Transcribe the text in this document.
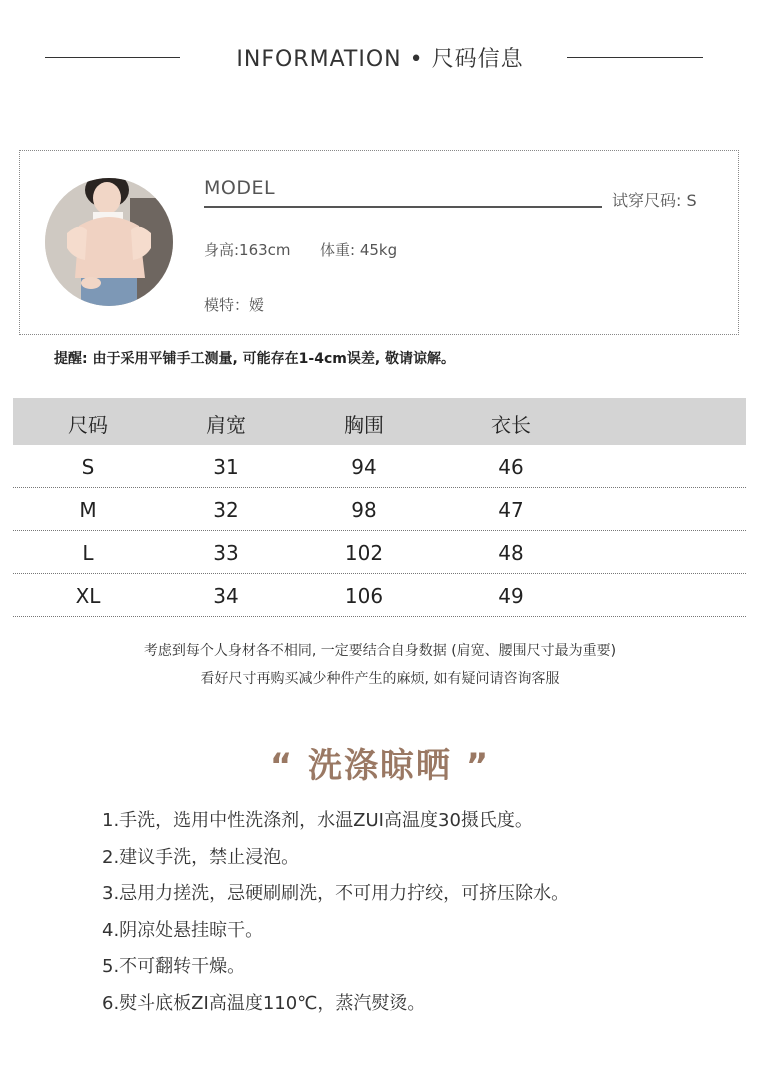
INFORMATION • 尺码信息
MODEL
试穿尺码: S
身高:163cm 体重: 45kg
模特：嫒
提醒: 由于采用平铺手工测量, 可能存在1-4cm误差, 敬请谅解。
尺码	肩宽	胸围	衣长
S	31	94	46
M	32	98	47
L	33	102	48
XL	34	106	49
考虑到每个人身材各不相同, 一定要结合自身数据 (肩宽、腰围尺寸最为重要)
看好尺寸再购买减少种件产生的麻烦, 如有疑问请咨询客服
“ 洗涤晾晒 ”
1.手洗，选用中性洗涤剂，水温ZUI高温度30摄氏度。
2.建议手洗，禁止浸泡。
3.忌用力搓洗，忌硬刷刷洗，不可用力拧绞，可挤压除水。
4.阴凉处悬挂晾干。
5.不可翻转干燥。
6.熨斗底板ZI高温度110℃，蒸汽熨烫。
